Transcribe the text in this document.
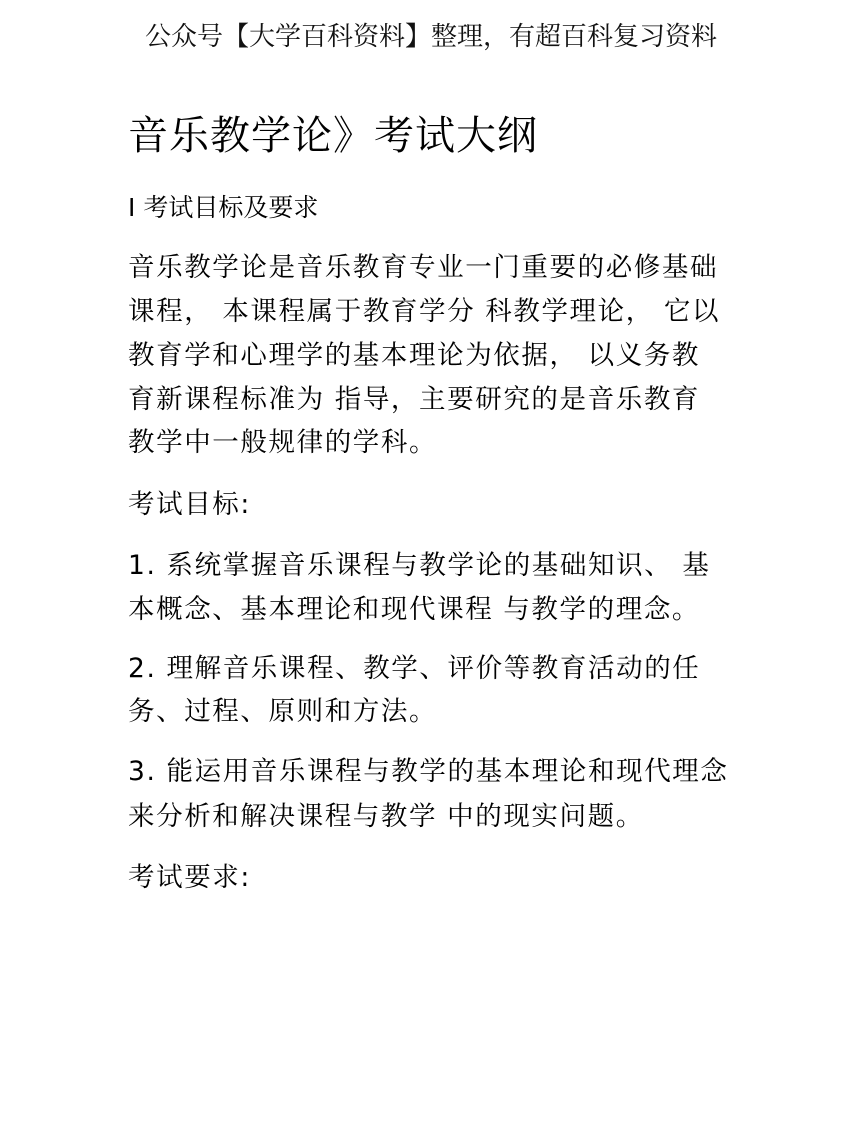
公众号【大学百科资料】整理，有超百科复习资料
音乐教学论》考试大纲
I 考试目标及要求
音乐教学论是音乐教育专业一门重要的必修基础
课程， 本课程属于教育学分 科教学理论， 它以
教育学和心理学的基本理论为依据， 以义务教
育新课程标准为 指导，主要研究的是音乐教育
教学中一般规律的学科。
考试目标:
1. 系统掌握音乐课程与教学论的基础知识、 基
本概念、基本理论和现代课程 与教学的理念。
2. 理解音乐课程、教学、评价等教育活动的任
务、过程、原则和方法。
3. 能运用音乐课程与教学的基本理论和现代理念
来分析和解决课程与教学 中的现实问题。
考试要求:
